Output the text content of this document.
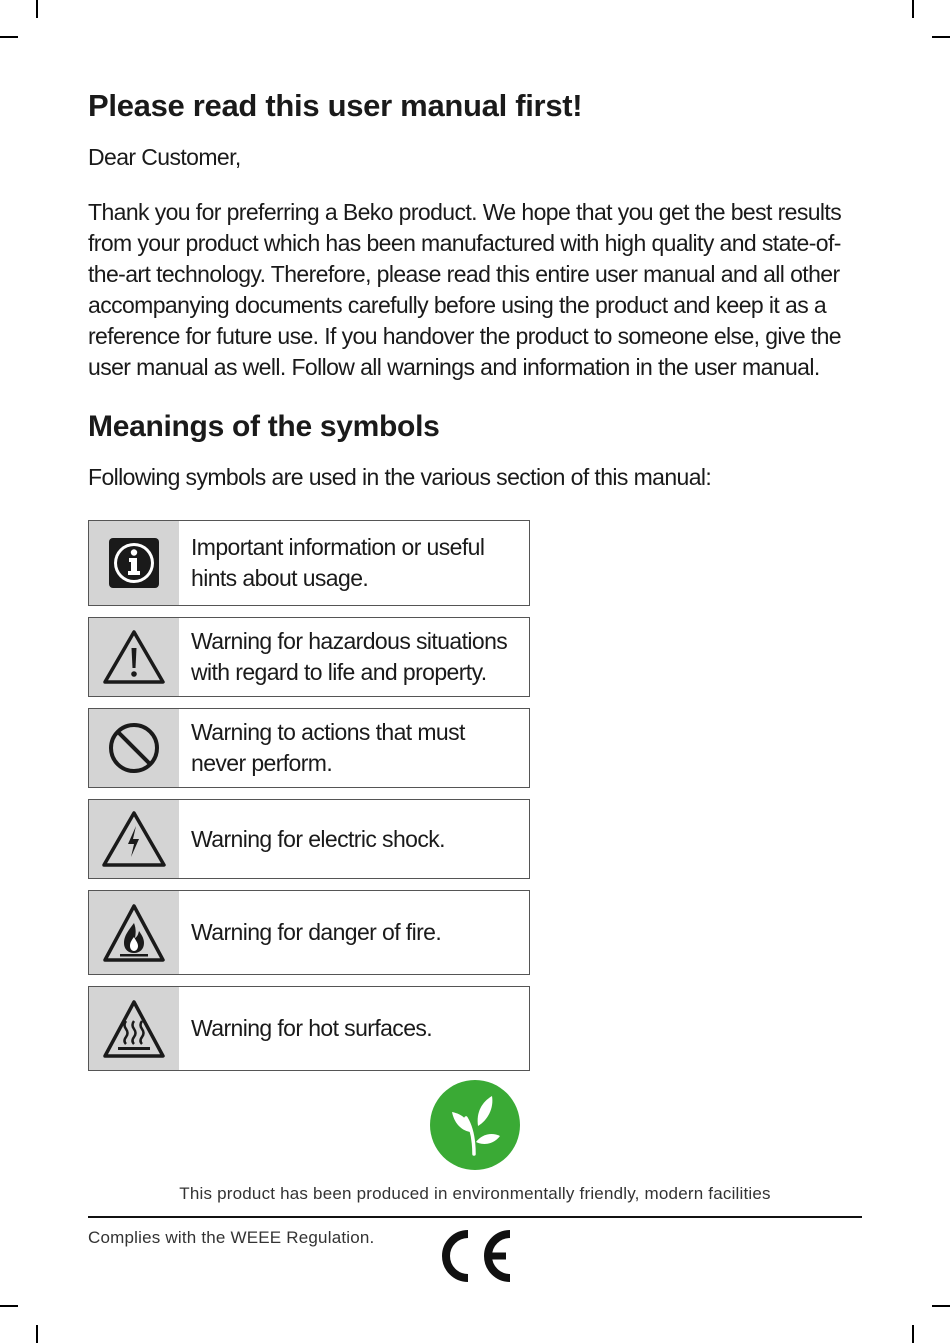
Please read this user manual first!

Dear Customer,

Thank you for preferring a Beko product. We hope that you get the best results from your product which has been manufactured with high quality and state-of-the-art technology. Therefore, please read this entire user manual and all other accompanying documents carefully before using the product and keep it as a reference for future use. If you handover the product to someone else, give the user manual as well. Follow all warnings and information in the user manual.

Meanings of the symbols

Following symbols are used in the various section of this manual:

Important information or useful hints about usage.
Warning for hazardous situations with regard to life and property.
Warning to actions that must never perform.
Warning for electric shock.
Warning for danger of fire.
Warning for hot surfaces.
This product has been produced in environmentally friendly, modern facilities
Complies with the WEEE Regulation.
